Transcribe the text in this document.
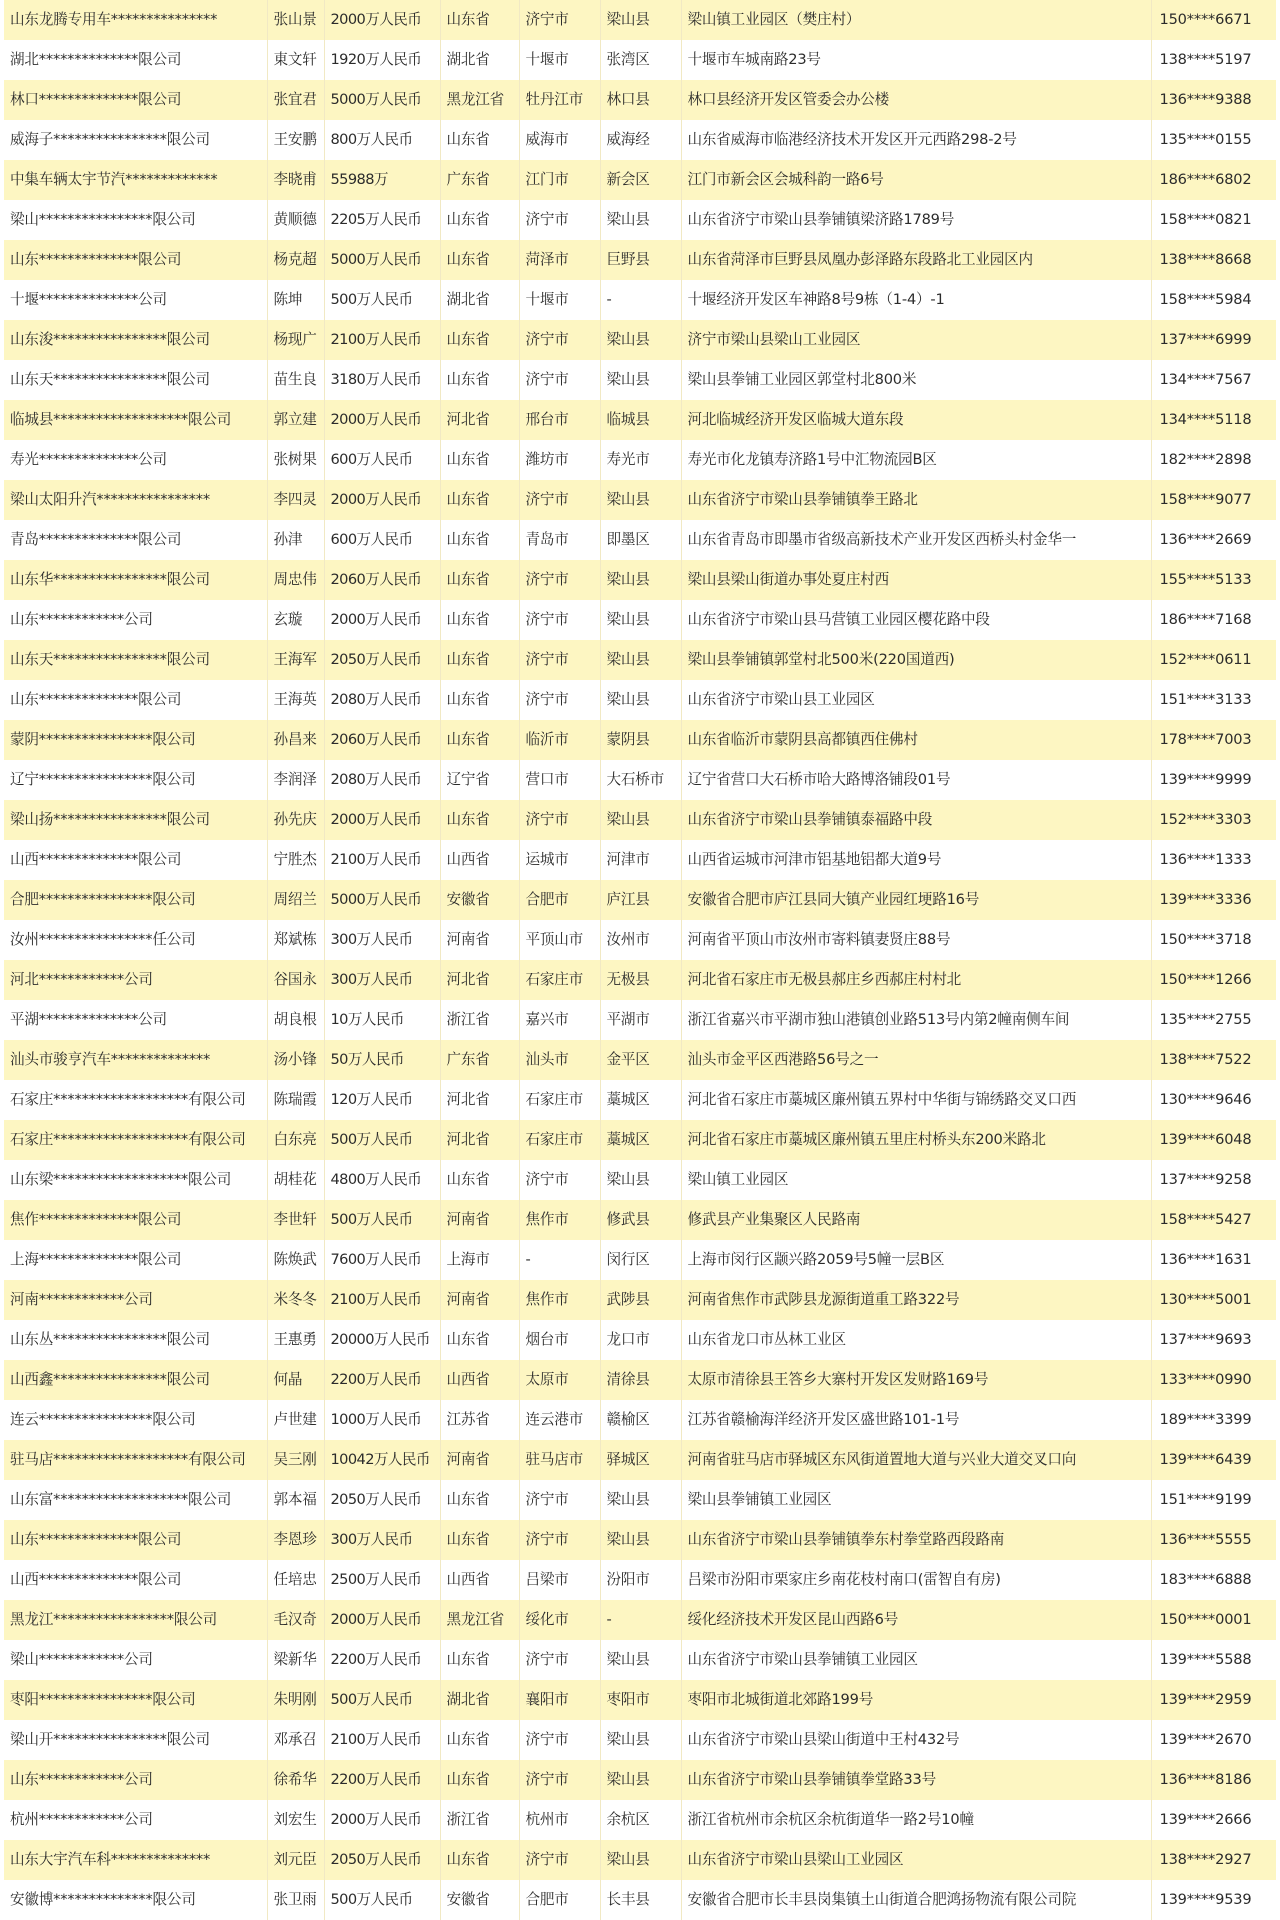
山东龙腾专用车***************	张山景	2000万人民币	山东省	济宁市	梁山县	梁山镇工业园区（樊庄村）	150****6671
湖北**************限公司	東文轩	1920万人民币	湖北省	十堰市	张湾区	十堰市车城南路23号	138****5197
林口**************限公司	张宜君	5000万人民币	黑龙江省	牡丹江市	林口县	林口县经济开发区管委会办公楼	136****9388
威海子****************限公司	王安鹏	800万人民币	山东省	威海市	威海经	山东省威海市临港经济技术开发区开元西路298-2号	135****0155
中集车辆太宇节汽*************	李晓甫	55988万	广东省	江门市	新会区	江门市新会区会城科韵一路6号	186****6802
梁山****************限公司	黄顺德	2205万人民币	山东省	济宁市	梁山县	山东省济宁市梁山县拳铺镇梁济路1789号	158****0821
山东**************限公司	杨克超	5000万人民币	山东省	菏泽市	巨野县	山东省菏泽市巨野县凤凰办彭泽路东段路北工业园区内	138****8668
十堰**************公司	陈坤	500万人民币	湖北省	十堰市	-	十堰经济开发区车神路8号9栋（1-4）-1	158****5984
山东浚****************限公司	杨现广	2100万人民币	山东省	济宁市	梁山县	济宁市梁山县梁山工业园区	137****6999
山东天****************限公司	苗生良	3180万人民币	山东省	济宁市	梁山县	梁山县拳铺工业园区郭堂村北800米	134****7567
临城县*******************限公司	郭立建	2000万人民币	河北省	邢台市	临城县	河北临城经济开发区临城大道东段	134****5118
寿光**************公司	张树果	600万人民币	山东省	潍坊市	寿光市	寿光市化龙镇寿济路1号中汇物流园B区	182****2898
梁山太阳升汽****************	李四灵	2000万人民币	山东省	济宁市	梁山县	山东省济宁市梁山县拳铺镇拳王路北	158****9077
青岛**************限公司	孙津	600万人民币	山东省	青岛市	即墨区	山东省青岛市即墨市省级高新技术产业开发区西桥头村金华一	136****2669
山东华****************限公司	周忠伟	2060万人民币	山东省	济宁市	梁山县	梁山县梁山街道办事处夏庄村西	155****5133
山东************公司	玄璇	2000万人民币	山东省	济宁市	梁山县	山东省济宁市梁山县马营镇工业园区樱花路中段	186****7168
山东天****************限公司	王海军	2050万人民币	山东省	济宁市	梁山县	梁山县拳铺镇郭堂村北500米(220国道西)	152****0611
山东**************限公司	王海英	2080万人民币	山东省	济宁市	梁山县	山东省济宁市梁山县工业园区	151****3133
蒙阴****************限公司	孙昌来	2060万人民币	山东省	临沂市	蒙阴县	山东省临沂市蒙阴县高都镇西住佛村	178****7003
辽宁****************限公司	李润泽	2080万人民币	辽宁省	营口市	大石桥市	辽宁省营口大石桥市哈大路博洛铺段01号	139****9999
梁山扬****************限公司	孙先庆	2000万人民币	山东省	济宁市	梁山县	山东省济宁市梁山县拳铺镇泰福路中段	152****3303
山西**************限公司	宁胜杰	2100万人民币	山西省	运城市	河津市	山西省运城市河津市铝基地铝都大道9号	136****1333
合肥****************限公司	周绍兰	5000万人民币	安徽省	合肥市	庐江县	安徽省合肥市庐江县同大镇产业园红埂路16号	139****3336
汝州****************任公司	郑斌栋	300万人民币	河南省	平顶山市	汝州市	河南省平顶山市汝州市寄料镇妻贤庄88号	150****3718
河北************公司	谷国永	300万人民币	河北省	石家庄市	无极县	河北省石家庄市无极县郝庄乡西郝庄村村北	150****1266
平湖**************公司	胡良根	10万人民币	浙江省	嘉兴市	平湖市	浙江省嘉兴市平湖市独山港镇创业路513号内第2幢南侧车间	135****2755
汕头市骏亨汽车**************	汤小锋	50万人民币	广东省	汕头市	金平区	汕头市金平区西港路56号之一	138****7522
石家庄*******************有限公司	陈瑞霞	120万人民币	河北省	石家庄市	藁城区	河北省石家庄市藁城区廉州镇五界村中华街与锦绣路交叉口西	130****9646
石家庄*******************有限公司	白东亮	500万人民币	河北省	石家庄市	藁城区	河北省石家庄市藁城区廉州镇五里庄村桥头东200米路北	139****6048
山东梁*******************限公司	胡桂花	4800万人民币	山东省	济宁市	梁山县	梁山镇工业园区	137****9258
焦作**************限公司	李世轩	500万人民币	河南省	焦作市	修武县	修武县产业集聚区人民路南	158****5427
上海**************限公司	陈焕武	7600万人民币	上海市	-	闵行区	上海市闵行区颛兴路2059号5幢一层B区	136****1631
河南************公司	米冬冬	2100万人民币	河南省	焦作市	武陟县	河南省焦作市武陟县龙源街道重工路322号	130****5001
山东丛****************限公司	王惠勇	20000万人民币	山东省	烟台市	龙口市	山东省龙口市丛林工业区	137****9693
山西鑫****************限公司	何晶	2200万人民币	山西省	太原市	清徐县	太原市清徐县王答乡大寨村开发区发财路169号	133****0990
连云****************限公司	卢世建	1000万人民币	江苏省	连云港市	赣榆区	江苏省赣榆海洋经济开发区盛世路101-1号	189****3399
驻马店*******************有限公司	吴三刚	10042万人民币	河南省	驻马店市	驿城区	河南省驻马店市驿城区东风街道置地大道与兴业大道交叉口向	139****6439
山东富*******************限公司	郭本福	2050万人民币	山东省	济宁市	梁山县	梁山县拳铺镇工业园区	151****9199
山东**************限公司	李恩珍	300万人民币	山东省	济宁市	梁山县	山东省济宁市梁山县拳铺镇拳东村拳堂路西段路南	136****5555
山西**************限公司	任培忠	2500万人民币	山西省	吕梁市	汾阳市	吕梁市汾阳市栗家庄乡南花枝村南口(雷智自有房)	183****6888
黑龙江*****************限公司	毛汉奇	2000万人民币	黑龙江省	绥化市	-	绥化经济技术开发区昆山西路6号	150****0001
梁山************公司	梁新华	2200万人民币	山东省	济宁市	梁山县	山东省济宁市梁山县拳铺镇工业园区	139****5588
枣阳****************限公司	朱明刚	500万人民币	湖北省	襄阳市	枣阳市	枣阳市北城街道北郊路199号	139****2959
梁山开****************限公司	邓承召	2100万人民币	山东省	济宁市	梁山县	山东省济宁市梁山县梁山街道中王村432号	139****2670
山东************公司	徐希华	2200万人民币	山东省	济宁市	梁山县	山东省济宁市梁山县拳铺镇拳堂路33号	136****8186
杭州************公司	刘宏生	2000万人民币	浙江省	杭州市	余杭区	浙江省杭州市余杭区余杭街道华一路2号10幢	139****2666
山东大宇汽车科**************	刘元臣	2050万人民币	山东省	济宁市	梁山县	山东省济宁市梁山县梁山工业园区	138****2927
安徽博**************限公司	张卫雨	500万人民币	安徽省	合肥市	长丰县	安徽省合肥市长丰县岗集镇土山街道合肥鸿扬物流有限公司院	139****9539
